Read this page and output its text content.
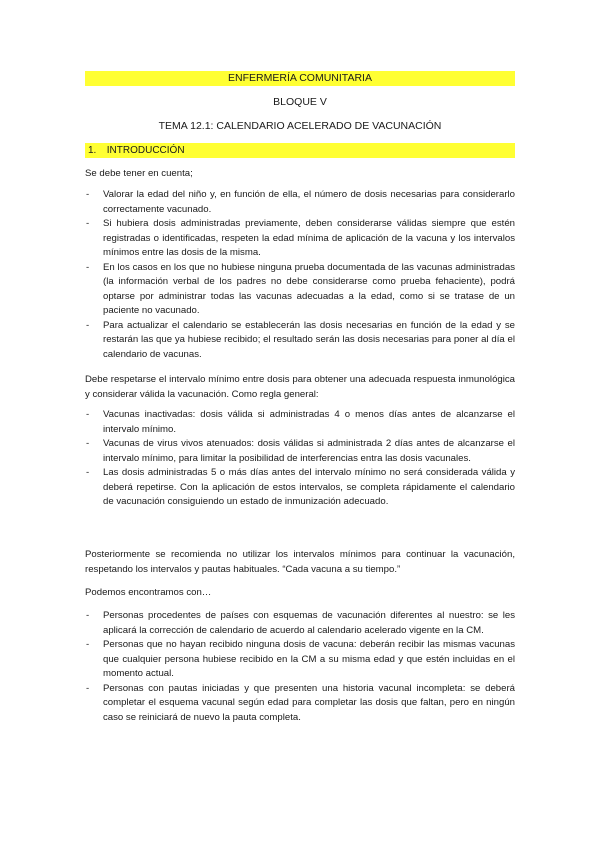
ENFERMERÍA COMUNITARIA
BLOQUE V
TEMA 12.1: CALENDARIO ACELERADO DE VACUNACIÓN
1. INTRODUCCIÓN

Se debe tener en cuenta;

- Valorar la edad del niño y, en función de ella, el número de dosis necesarias para considerarlo correctamente vacunado.
- Si hubiera dosis administradas previamente, deben considerarse válidas siempre que estén registradas o identificadas, respeten la edad mínima de aplicación de la vacuna y los intervalos mínimos entre las dosis de la misma.
- En los casos en los que no hubiese ninguna prueba documentada de las vacunas administradas (la información verbal de los padres no debe considerarse como prueba fehaciente), podrá optarse por administrar todas las vacunas adecuadas a la edad, como si se tratase de un paciente no vacunado.
- Para actualizar el calendario se establecerán las dosis necesarias en función de la edad y se restarán las que ya hubiese recibido; el resultado serán las dosis necesarias para poner al día el calendario de vacunas.

Debe respetarse el intervalo mínimo entre dosis para obtener una adecuada respuesta inmunológica y considerar válida la vacunación. Como regla general:

- Vacunas inactivadas: dosis válida si administradas 4 o menos días antes de alcanzarse el intervalo mínimo.
- Vacunas de virus vivos atenuados: dosis válidas si administrada 2 días antes de alcanzarse el intervalo mínimo, para limitar la posibilidad de interferencias entra las dosis vacunales.
- Las dosis administradas 5 o más días antes del intervalo mínimo no será considerada válida y deberá repetirse. Con la aplicación de estos intervalos, se completa rápidamente el calendario de vacunación consiguiendo un estado de inmunización adecuado.

Posteriormente se recomienda no utilizar los intervalos mínimos para continuar la vacunación, respetando los intervalos y pautas habituales. “Cada vacuna a su tiempo.”

Podemos encontramos con…

- Personas procedentes de países con esquemas de vacunación diferentes al nuestro: se les aplicará la corrección de calendario de acuerdo al calendario acelerado vigente en la CM.
- Personas que no hayan recibido ninguna dosis de vacuna: deberán recibir las mismas vacunas que cualquier persona hubiese recibido en la CM a su misma edad y que estén incluidas en el momento actual.
- Personas con pautas iniciadas y que presenten una historia vacunal incompleta: se deberá completar el esquema vacunal según edad para completar las dosis que faltan, pero en ningún caso se reiniciará de nuevo la pauta completa.
